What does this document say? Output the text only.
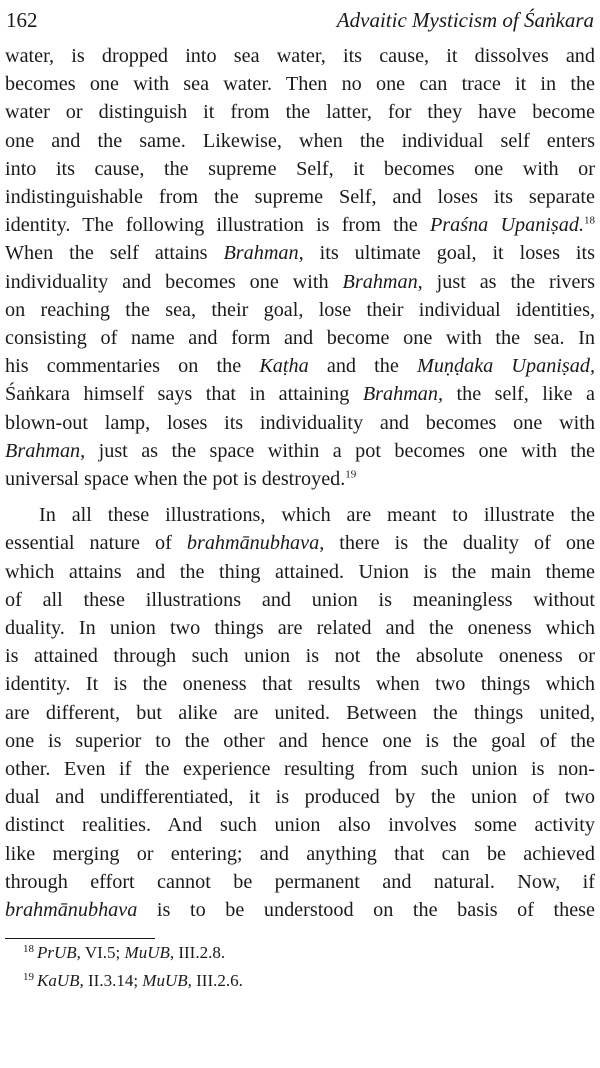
162	Advaitic Mysticism of Śaṅkara

water, is dropped into sea water, its cause, it dissolves and
becomes one with sea water. Then no one can trace it in the
water or distinguish it from the latter, for they have become
one and the same. Likewise, when the individual self enters
into its cause, the supreme Self, it becomes one with or
indistinguishable from the supreme Self, and loses its separate
identity. The following illustration is from the Praśna Upaniṣad.$^{18}$
When the self attains Brahman, its ultimate goal, it loses its
individuality and becomes one with Brahman, just as the rivers
on reaching the sea, their goal, lose their individual identities,
consisting of name and form and become one with the sea. In
his commentaries on the Kaṭha and the Muṇḍaka Upaniṣad,
Śaṅkara himself says that in attaining Brahman, the self, like a
blown-out lamp, loses its individuality and becomes one with
Brahman, just as the space within a pot becomes one with the
universal space when the pot is destroyed.$^{19}$

In all these illustrations, which are meant to illustrate the
essential nature of brahmānubhava, there is the duality of one
which attains and the thing attained. Union is the main theme
of all these illustrations and union is meaningless without
duality. In union two things are related and the oneness which
is attained through such union is not the absolute oneness or
identity. It is the oneness that results when two things which
are different, but alike are united. Between the things united,
one is superior to the other and hence one is the goal of the
other. Even if the experience resulting from such union is non-
dual and undifferentiated, it is produced by the union of two
distinct realities. And such union also involves some activity
like merging or entering; and anything that can be achieved
through effort cannot be permanent and natural. Now, if
brahmānubhava is to be understood on the basis of these

$^{18}$ PrUB, VI.5; MuUB, III.2.8.
$^{19}$ KaUB, II.3.14; MuUB, III.2.6.
